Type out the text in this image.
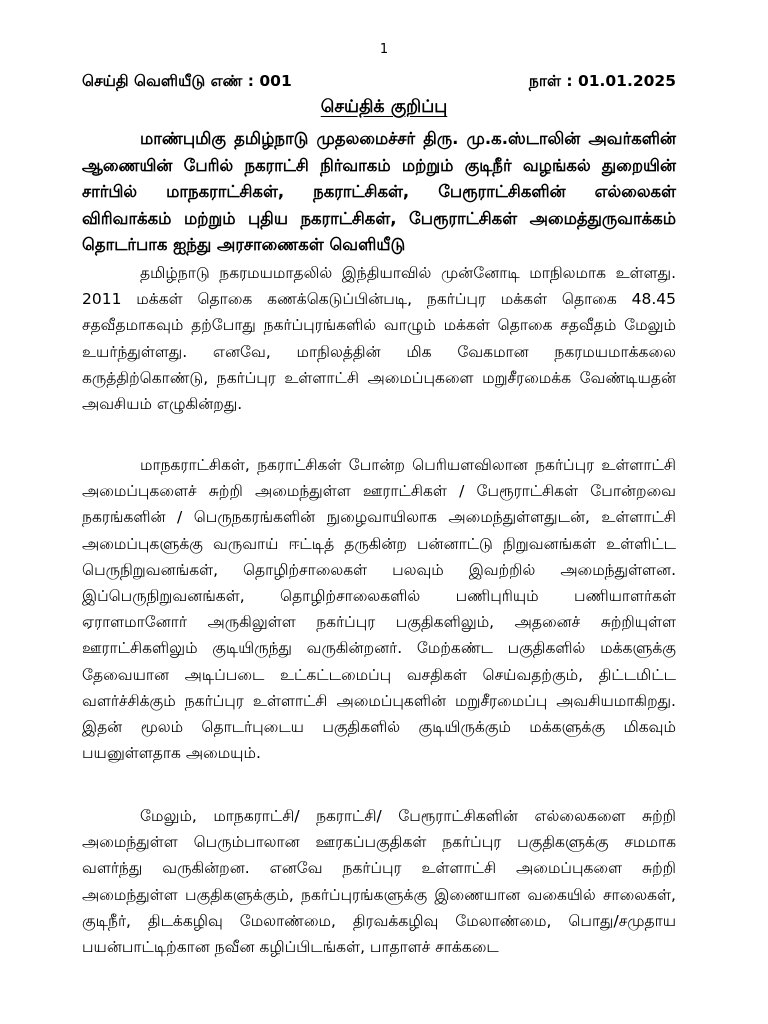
1
செய்தி வெளியீடு எண் : 001	நாள் : 01.01.2025
செய்திக் குறிப்பு

மாண்புமிகு தமிழ்நாடு முதலமைச்சர் திரு. மு.க.ஸ்டாலின் அவர்களின் ஆணையின் பேரில் நகராட்சி நிர்வாகம் மற்றும் குடிநீர் வழங்கல் துறையின் சார்பில் மாநகராட்சிகள், நகராட்சிகள், பேரூராட்சிகளின் எல்லைகள் விரிவாக்கம் மற்றும் புதிய நகராட்சிகள், பேரூராட்சிகள் அமைத்துருவாக்கம் தொடர்பாக ஐந்து அரசாணைகள் வெளியீடு

தமிழ்நாடு நகரமயமாதலில் இந்தியாவில் முன்னோடி மாநிலமாக உள்ளது. 2011 மக்கள் தொகை கணக்கெடுப்பின்படி, நகர்ப்புர மக்கள் தொகை 48.45 சதவீதமாகவும் தற்போது நகர்ப்புரங்களில் வாழும் மக்கள் தொகை சதவீதம் மேலும் உயர்ந்துள்ளது. எனவே, மாநிலத்தின் மிக வேகமான நகரமயமாக்கலை கருத்திற்கொண்டு, நகர்ப்புர உள்ளாட்சி அமைப்புகளை மறுசீரமைக்க வேண்டியதன் அவசியம் எழுகின்றது.

மாநகராட்சிகள், நகராட்சிகள் போன்ற பெரியளவிலான நகர்ப்புர உள்ளாட்சி அமைப்புகளைச் சுற்றி அமைந்துள்ள ஊராட்சிகள் / பேரூராட்சிகள் போன்றவை நகரங்களின் / பெருநகரங்களின் நுழைவாயிலாக அமைந்துள்ளதுடன், உள்ளாட்சி அமைப்புகளுக்கு வருவாய் ஈட்டித் தருகின்ற பன்னாட்டு நிறுவனங்கள் உள்ளிட்ட பெருநிறுவனங்கள், தொழிற்சாலைகள் பலவும் இவற்றில் அமைந்துள்ளன. இப்பெருநிறுவனங்கள், தொழிற்சாலைகளில் பணிபுரியும் பணியாளர்கள் ஏராளமானோர் அருகிலுள்ள நகர்ப்புர பகுதிகளிலும், அதனைச் சுற்றியுள்ள ஊராட்சிகளிலும் குடியிருந்து வருகின்றனர். மேற்கண்ட பகுதிகளில் மக்களுக்கு தேவையான அடிப்படை உட்கட்டமைப்பு வசதிகள் செய்வதற்கும், திட்டமிட்ட வளர்ச்சிக்கும் நகர்ப்புர உள்ளாட்சி அமைப்புகளின் மறுசீரமைப்பு அவசியமாகிறது. இதன் மூலம் தொடர்புடைய பகுதிகளில் குடியிருக்கும் மக்களுக்கு மிகவும் பயனுள்ளதாக அமையும்.

மேலும், மாநகராட்சி/ நகராட்சி/ பேரூராட்சிகளின் எல்லைகளை சுற்றி அமைந்துள்ள பெரும்பாலான ஊரகப்பகுதிகள் நகர்ப்புர பகுதிகளுக்கு சமமாக வளர்ந்து வருகின்றன. எனவே நகர்ப்புர உள்ளாட்சி அமைப்புகளை சுற்றி அமைந்துள்ள பகுதிகளுக்கும், நகர்ப்புரங்களுக்கு இணையான வகையில் சாலைகள், குடிநீர், திடக்கழிவு மேலாண்மை, திரவக்கழிவு மேலாண்மை, பொது/சமுதாய பயன்பாட்டிற்கான நவீன கழிப்பிடங்கள், பாதாளச் சாக்கடை
